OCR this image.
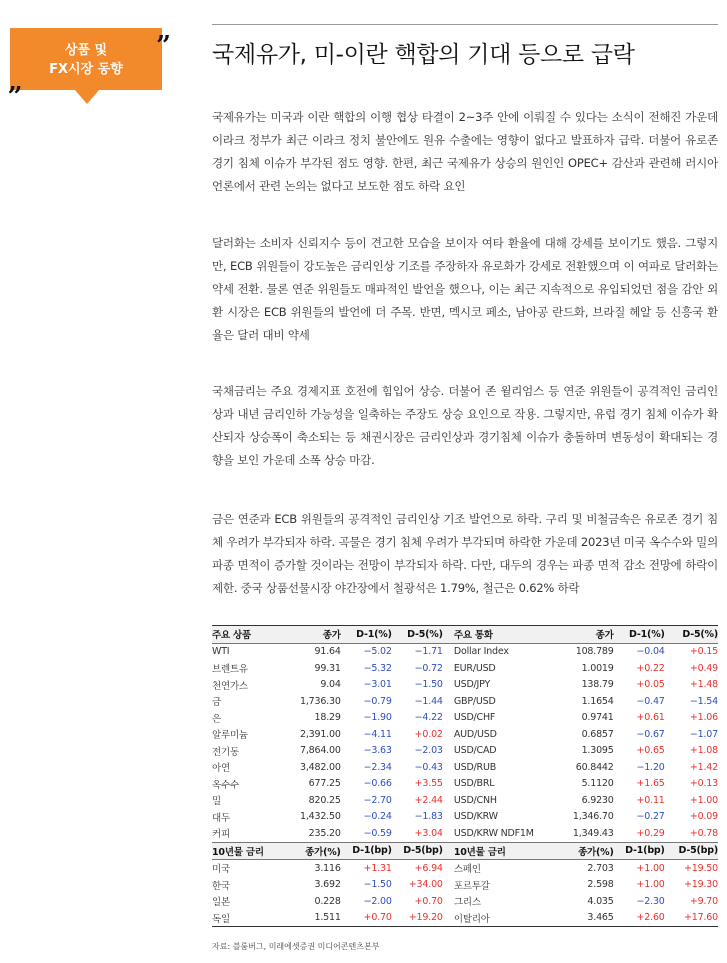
상품 및
FX시장 동향
„
” 국제유가, 미-이란 핵합의 기대 등으로 급락

국제유가는 미국과 이란 핵합의 이행 협상 타결이 2~3주 안에 이뤄질 수 있다는 소식이 전해진 가운데 이라크 정부가 최근 이라크 정치 불안에도 원유 수출에는 영향이 없다고 발표하자 급락. 더불어 유로존 경기 침체 이슈가 부각된 점도 영향. 한편, 최근 국제유가 상승의 원인인 OPEC+ 감산과 관련해 러시아 언론에서 관련 논의는 없다고 보도한 점도 하락 요인

달러화는 소비자 신뢰지수 등이 견고한 모습을 보이자 여타 환율에 대해 강세를 보이기도 했음. 그렇지만, ECB 위원들이 강도높은 금리인상 기조를 주장하자 유로화가 강세로 전환했으며 이 여파로 달러화는 약세 전환. 물론 연준 위원들도 매파적인 발언을 했으나, 이는 최근 지속적으로 유입되었던 점을 감안 외환 시장은 ECB 위원들의 발언에 더 주목. 반면, 멕시코 페소, 남아공 란드화, 브라질 헤알 등 신흥국 환율은 달러 대비 약세

국채금리는 주요 경제지표 호전에 힘입어 상승. 더불어 존 윌리엄스 등 연준 위원들이 공격적인 금리인상과 내년 금리인하 가능성을 일축하는 주장도 상승 요인으로 작용. 그렇지만, 유럽 경기 침체 이슈가 확산되자 상승폭이 축소되는 등 채권시장은 금리인상과 경기침체 이슈가 충돌하며 변동성이 확대되는 경향을 보인 가운데 소폭 상승 마감.

금은 연준과 ECB 위원들의 공격적인 금리인상 기조 발언으로 하락. 구리 및 비철금속은 유로존 경기 침체 우려가 부각되자 하락. 곡물은 경기 침체 우려가 부각되며 하락한 가운데 2023년 미국 옥수수와 밀의 파종 면적이 증가할 것이라는 전망이 부각되자 하락. 다만, 대두의 경우는 파종 면적 감소 전망에 하락이 제한. 중국 상품선물시장 야간장에서 철광석은 1.79%, 철근은 0.62% 하락

주요 상품	종가	D-1(%)	D-5(%)		주요 통화	종가	D-1(%)	D-5(%)
WTI	91.64	−5.02	−1.71		Dollar Index	108.789	−0.04	+0.15
브렌트유	99.31	−5.32	−0.72		EUR/USD	1.0019	+0.22	+0.49
천연가스	9.04	−3.01	−1.50		USD/JPY	138.79	+0.05	+1.48
금	1,736.30	−0.79	−1.44		GBP/USD	1.1654	−0.47	−1.54
은	18.29	−1.90	−4.22		USD/CHF	0.9741	+0.61	+1.06
알루미늄	2,391.00	−4.11	+0.02		AUD/USD	0.6857	−0.67	−1.07
전기동	7,864.00	−3.63	−2.03		USD/CAD	1.3095	+0.65	+1.08
아연	3,482.00	−2.34	−0.43		USD/RUB	60.8442	−1.20	+1.42
옥수수	677.25	−0.66	+3.55		USD/BRL	5.1120	+1.65	+0.13
밀	820.25	−2.70	+2.44		USD/CNH	6.9230	+0.11	+1.00
대두	1,432.50	−0.24	−1.83		USD/KRW	1,346.70	−0.27	+0.09
커피	235.20	−0.59	+3.04		USD/KRW NDF1M	1,349.43	+0.29	+0.78
10년물 금리	종가(%)	D-1(bp)	D-5(bp)		10년물 금리	종가(%)	D-1(bp)	D-5(bp)
미국	3.116	+1.31	+6.94		스페인	2.703	+1.00	+19.50
한국	3.692	−1.50	+34.00		포르투갈	2.598	+1.00	+19.30
일본	0.228	−2.00	+0.70		그리스	4.035	−2.30	+9.70
독일	1.511	+0.70	+19.20		이탈리아	3.465	+2.60	+17.60
자료: 블룸버그, 미래에셋증권 미디어콘텐츠본부
